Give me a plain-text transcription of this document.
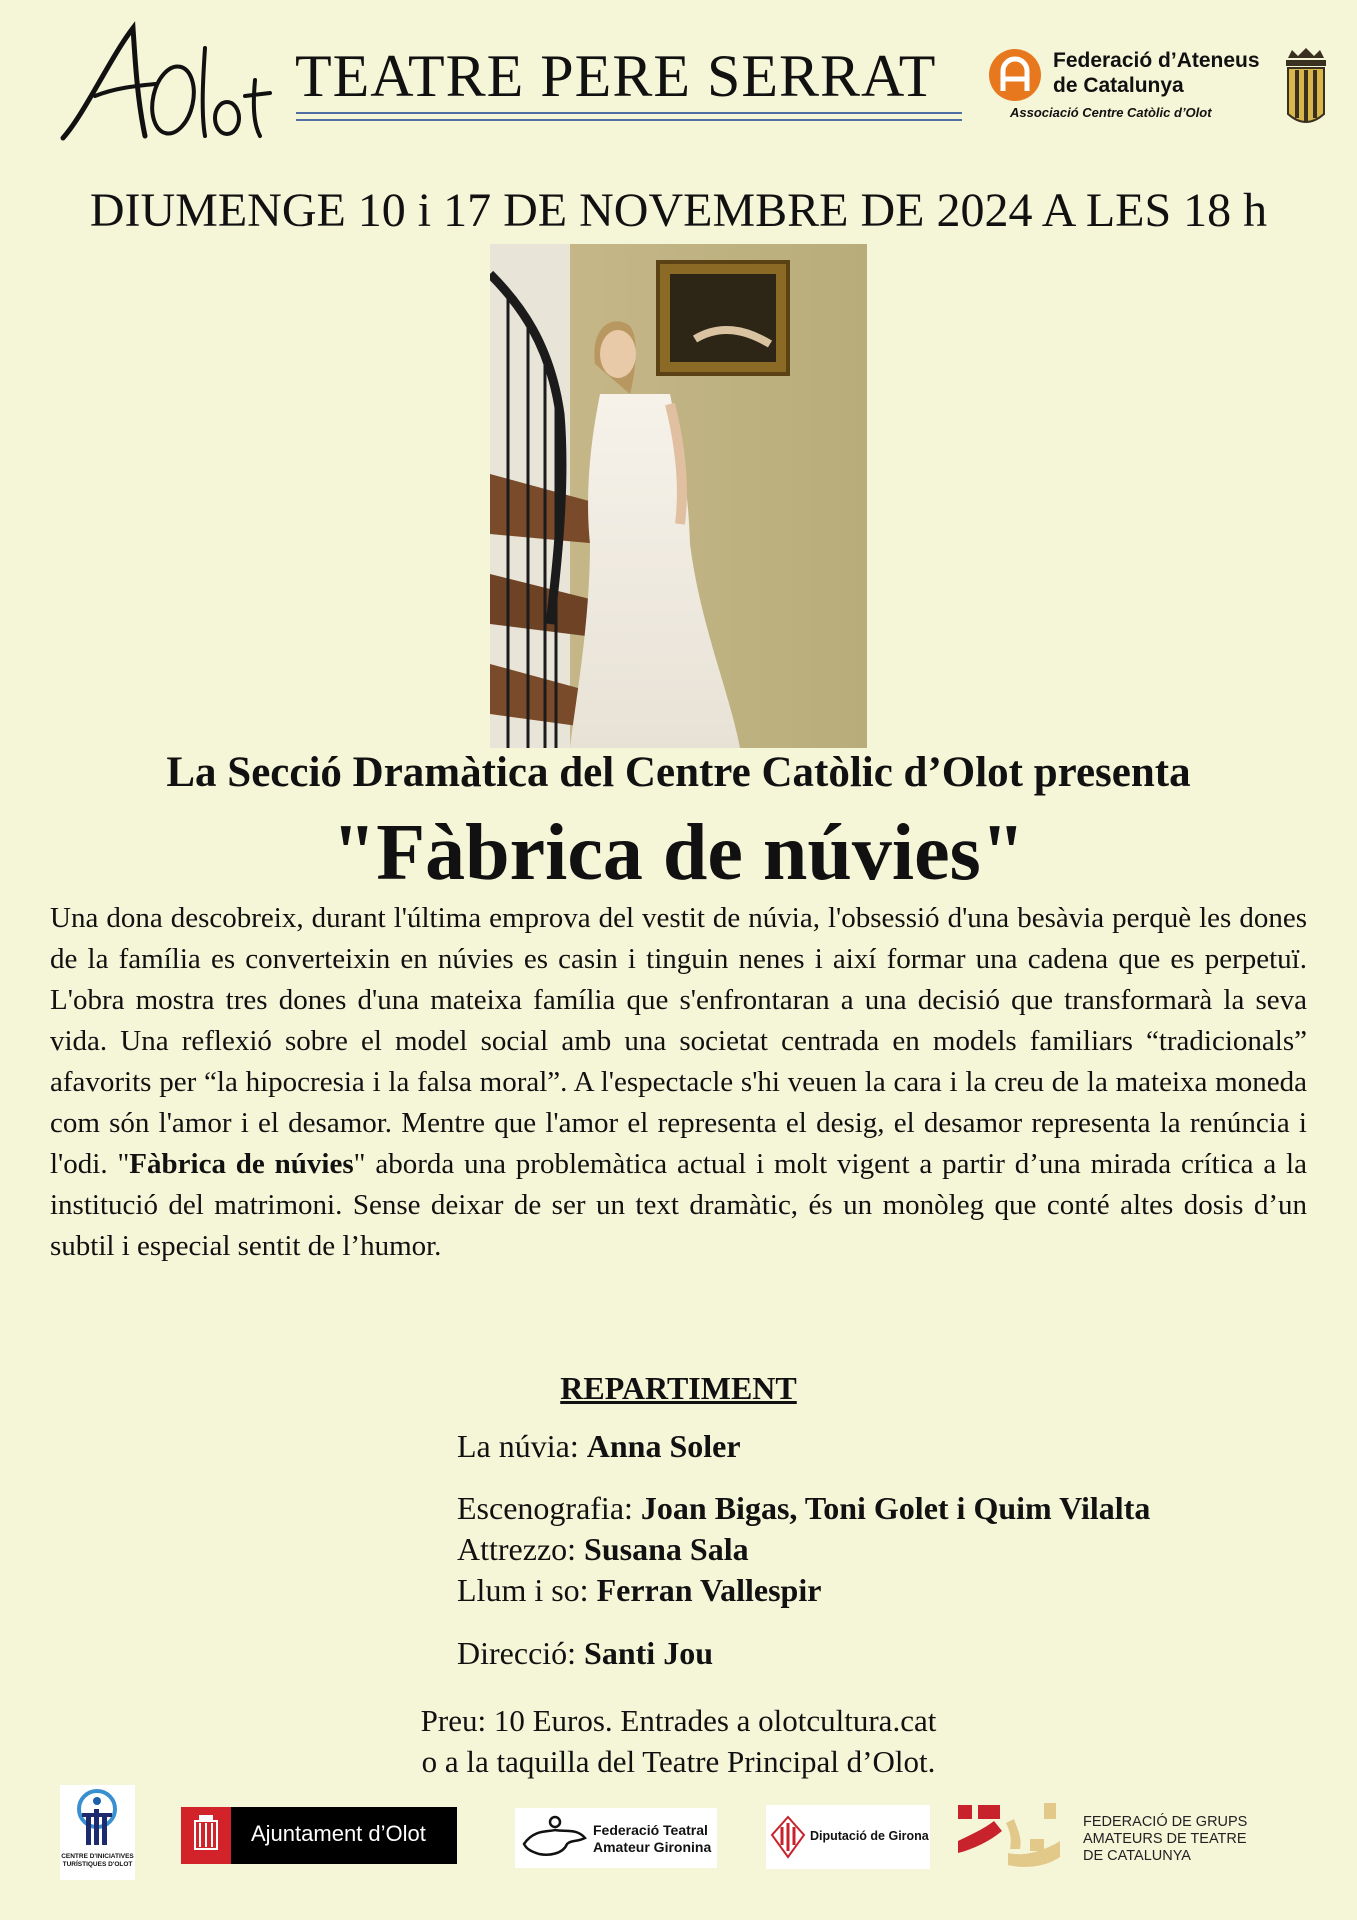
TEATRE PERE SERRAT	Federació d’Ateneus
de Catalunya
Associació Centre Catòlic d’Olot
DIUMENGE 10 i 17 DE NOVEMBRE DE 2024 A LES 18 h
La Secció Dramàtica del Centre Catòlic d’Olot presenta
"Fàbrica de núvies"
Una dona descobreix, durant l'última emprova del vestit de núvia, l'obsessió d'una besàvia perquè les dones de la família es converteixin en núvies es casin i tinguin nenes i així formar una cadena que es perpetuï. L'obra mostra tres dones d'una mateixa família que s'enfrontaran a una decisió que transformarà la seva vida. Una reflexió sobre el model social amb una societat centrada en models familiars “tradicionals” afavorits per “la hipocresia i la falsa moral”. A l'espectacle s'hi veuen la cara i la creu de la mateixa moneda com són l'amor i el desamor. Mentre que l'amor el representa el desig, el desamor representa la renúncia i l'odi. "Fàbrica de núvies" aborda una problemàtica actual i molt vigent a partir d’una mirada crítica a la institució del matrimoni. Sense deixar de ser un text dramàtic, és un monòleg que conté altes dosis d’un subtil i especial sentit de l’humor.
REPARTIMENT
La núvia: Anna Soler
Escenografia: Joan Bigas, Toni Golet i Quim Vilalta
Attrezzo: Susana Sala
Llum i so: Ferran Vallespir
Direcció: Santi Jou
Preu: 10 Euros. Entrades a olotcultura.cat
o a la taquilla del Teatre Principal d’Olot.
CENTRE D'INICIATIVES
TURÍSTIQUES D'OLOT
Ajuntament d’Olot	Federació Teatral
Amateur Gironina
Diputació de Girona
FEDERACIÓ DE GRUPS
AMATEURS DE TEATRE
DE CATALUNYA
